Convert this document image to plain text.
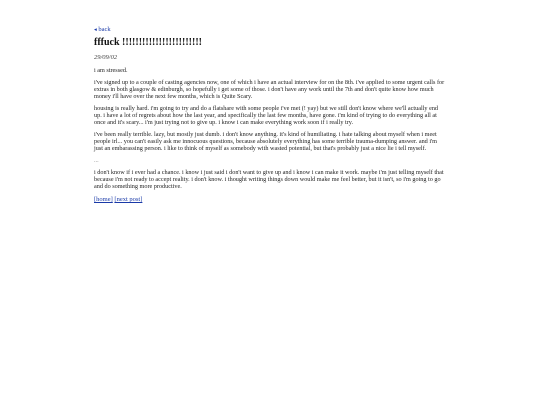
◂ back
fffuck !!!!!!!!!!!!!!!!!!!!!!!!

29/09/02

i am stressed.

i've signed up to a couple of casting agencies now, one of which i have an actual interview for on the 8th. i've applied to some urgent calls for extras in both glasgow & edinburgh, so hopefully i get some of those. i don't have any work until the 7th and don't quite know how much money i'll have over the next few months, which is Quite Scary.

housing is really hard. i'm going to try and do a flatshare with some people i've met (! yay) but we still don't know where we'll actually end up. i have a lot of regrets about how the last year, and specifically the last few months, have gone. i'm kind of trying to do everything all at once and it's scary... i'm just trying not to give up. i know i can make everything work soon if i really try.

i've been really terrible. lazy, but mostly just dumb. i don't know anything. it's kind of humiliating. i hate talking about myself when i meet people irl... you can't easily ask me innocuous questions, because absolutely everything has some terrible trauma-dumping answer. and i'm just an embarassing person. i like to think of myself as somebody with wasted potential, but that's probably just a nice lie i tell myself.

...

i don't know if i ever had a chance. i know i just said i don't want to give up and i know i can make it work. maybe i'm just telling myself that because i'm not ready to accept reality. i don't know. i thought writing things down would make me feel better, but it isn't, so i'm going to go and do something more productive.

[home] [next post]
